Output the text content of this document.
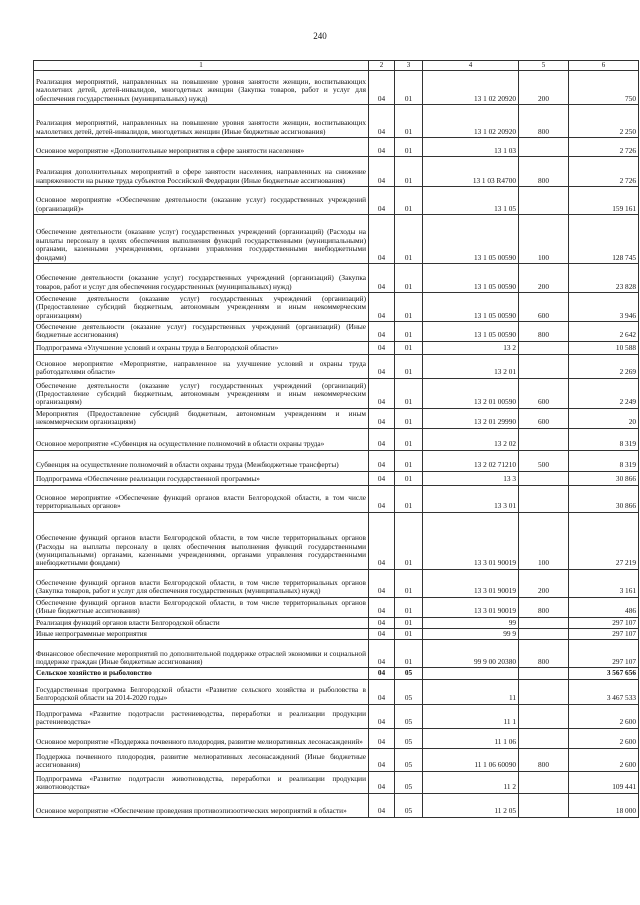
240
1	2	3	4	5	6
Реализация мероприятий, направленных на повышение уровня занятости женщин, воспитывающих малолетних детей, детей-инвалидов, многодетных женщин (Закупка товаров, работ и услуг для обеспечения государственных (муниципальных) нужд)	04	01	13 1 02 20920	200	750
Реализация мероприятий, направленных на повышение уровня занятости женщин, воспитывающих малолетних детей, детей-инвалидов, многодетных женщин (Иные бюджетные ассигнования)	04	01	13 1 02 20920	800	2 250
Основное мероприятие «Дополнительные мероприятия в сфере занятости населения»	04	01	13 1 03		2 726
Реализация дополнительных мероприятий в сфере занятости населения, направленных на снижение напряженности на рынке труда субъектов Российской Федерации (Иные бюджетные ассигнования)	04	01	13 1 03 R4700	800	2 726
Основное мероприятие «Обеспечение деятельности (оказание услуг) государственных учреждений (организаций)»	04	01	13 1 05		159 161
Обеспечение деятельности (оказание услуг) государственных учреждений (организаций) (Расходы на выплаты персоналу в целях обеспечения выполнения функций государственными (муниципальными) органами, казенными учреждениями, органами управления государственными внебюджетными фондами)	04	01	13 1 05 00590	100	128 745
Обеспечение деятельности (оказание услуг) государственных учреждений (организаций) (Закупка товаров, работ и услуг для обеспечения государственных (муниципальных) нужд)	04	01	13 1 05 00590	200	23 828
Обеспечение деятельности (оказание услуг) государственных учреждений (организаций) (Предоставление субсидий бюджетным, автономным учреждениям и иным некоммерческим организациям)	04	01	13 1 05 00590	600	3 946
Обеспечение деятельности (оказание услуг) государственных учреждений (организаций) (Иные бюджетные ассигнования)	04	01	13 1 05 00590	800	2 642
Подпрограмма «Улучшение условий и охраны труда в Белгородской области»	04	01	13 2		10 588
Основное мероприятие «Мероприятие, направленное на улучшение условий и охраны труда работодателями области»	04	01	13 2 01		2 269
Обеспечение деятельности (оказание услуг) государственных учреждений (организаций) (Предоставление субсидий бюджетным, автономным учреждениям и иным некоммерческим организациям)	04	01	13 2 01 00590	600	2 249
Мероприятия (Предоставление субсидий бюджетным, автономным учреждениям и иным некоммерческим организациям)	04	01	13 2 01 29990	600	20
Основное мероприятие «Субвенция на осуществление полномочий в области охраны труда»	04	01	13 2 02		8 319
Субвенция на осуществление полномочий в области охраны труда (Межбюджетные трансферты)	04	01	13 2 02 71210	500	8 319
Подпрограмма «Обеспечение реализации государственной программы»	04	01	13 3		30 866
Основное мероприятие «Обеспечение функций органов власти Белгородской области, в том числе территориальных органов»	04	01	13 3 01		30 866
Обеспечение функций органов власти Белгородской области, в том числе территориальных органов (Расходы на выплаты персоналу в целях обеспечения выполнения функций государственными (муниципальными) органами, казенными учреждениями, органами управления государственными внебюджетными фондами)	04	01	13 3 01 90019	100	27 219
Обеспечение функций органов власти Белгородской области, в том числе территориальных органов (Закупка товаров, работ и услуг для обеспечения государственных (муниципальных) нужд)	04	01	13 3 01 90019	200	3 161
Обеспечение функций органов власти Белгородской области, в том числе территориальных органов (Иные бюджетные ассигнования)	04	01	13 3 01 90019	800	486
Реализация функций органов власти Белгородской области	04	01	99		297 107
Иные непрограммные мероприятия	04	01	99 9		297 107
Финансовое обеспечение мероприятий по дополнительной поддержке отраслей экономики и социальной поддержке граждан (Иные бюджетные ассигнования)	04	01	99 9 00 20380	800	297 107
Сельское хозяйство и рыболовство	04	05			3 567 656
Государственная программа Белгородской области «Развитие сельского хозяйства и рыболовства в Белгородской области на 2014-2020 годы»	04	05	11		3 467 533
Подпрограмма «Развитие подотрасли растениеводства, переработки и реализации продукции растениеводства»	04	05	11 1		2 600
Основное мероприятие «Поддержка почвенного плодородия, развитие мелиоративных лесонасаждений»	04	05	11 1 06		2 600
Поддержка почвенного плодородия, развитие мелиоративных лесонасаждений (Иные бюджетные ассигнования)	04	05	11 1 06 60090	800	2 600
Подпрограмма «Развитие подотрасли животноводства, переработки и реализации продукции животноводства»	04	05	11 2		109 441
Основное мероприятие «Обеспечение проведения противоэпизоотических мероприятий в области»	04	05	11 2 05		18 000
